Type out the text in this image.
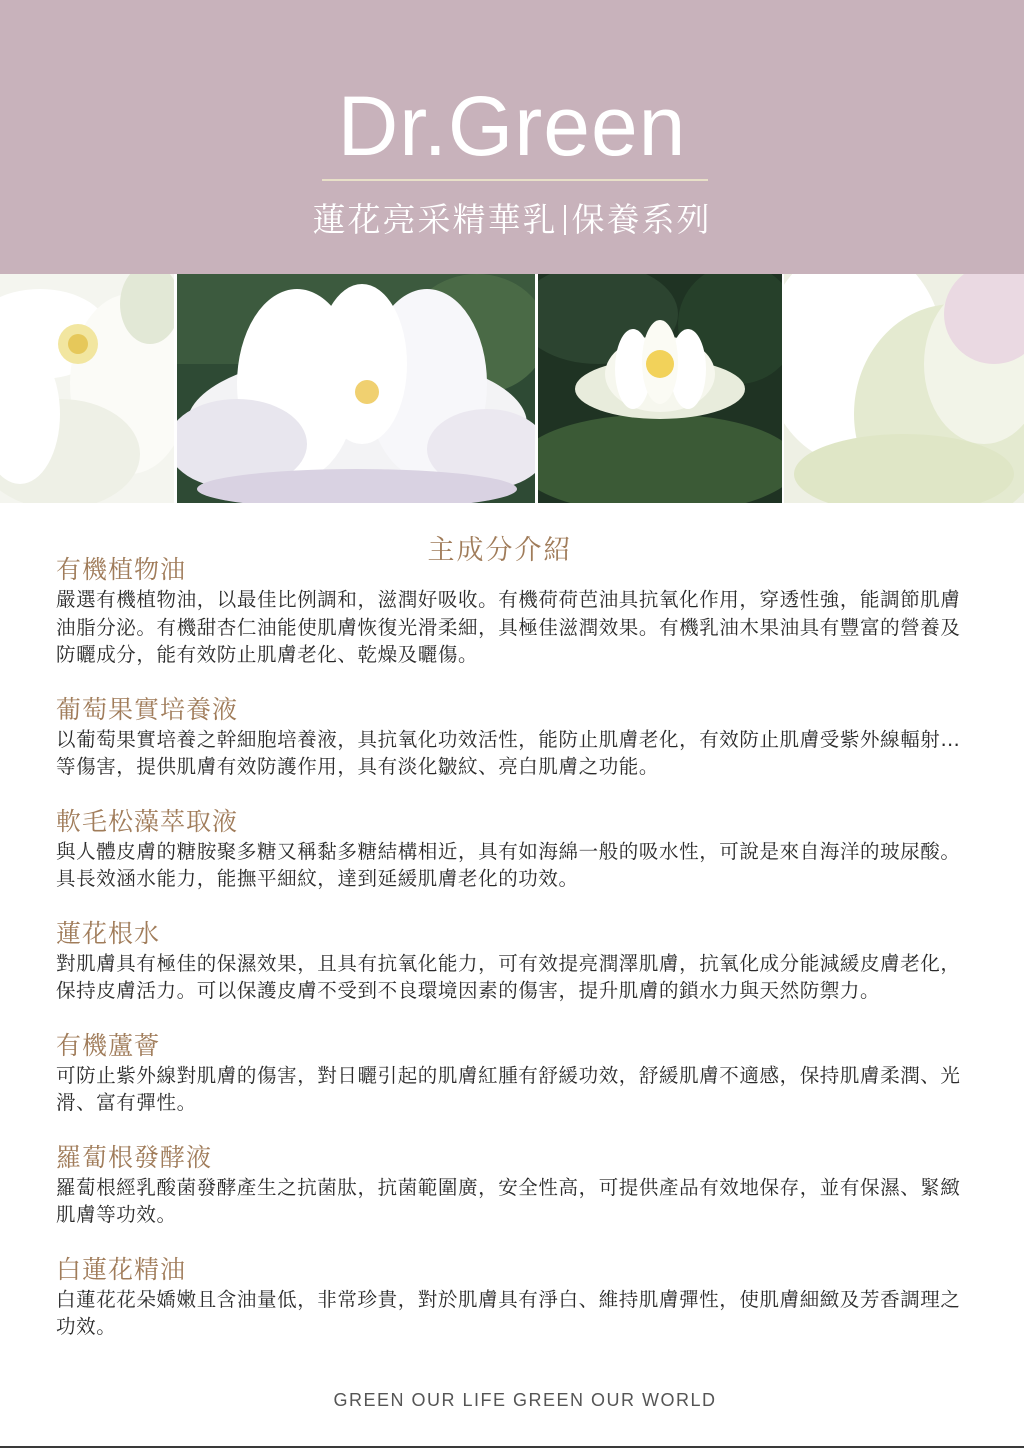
Dr.Green
蓮花亮采精華乳 保養系列
主成分介紹
有機植物油
嚴選有機植物油，以最佳比例調和，滋潤好吸收。有機荷荷芭油具抗氧化作用，穿透性強，能調節肌膚油脂分泌。有機甜杏仁油能使肌膚恢復光滑柔細，具極佳滋潤效果。有機乳油木果油具有豐富的營養及防曬成分，能有效防止肌膚老化、乾燥及曬傷。
葡萄果實培養液
以葡萄果實培養之幹細胞培養液，具抗氧化功效活性，能防止肌膚老化，有效防止肌膚受紫外線輻射…等傷害，提供肌膚有效防護作用，具有淡化皺紋、亮白肌膚之功能。
軟毛松藻萃取液
與人體皮膚的糖胺聚多糖又稱黏多糖結構相近，具有如海綿一般的吸水性，可說是來自海洋的玻尿酸。具長效涵水能力，能撫平細紋，達到延緩肌膚老化的功效。
蓮花根水
對肌膚具有極佳的保濕效果，且具有抗氧化能力，可有效提亮潤澤肌膚，抗氧化成分能減緩皮膚老化，保持皮膚活力。可以保護皮膚不受到不良環境因素的傷害，提升肌膚的鎖水力與天然防禦力。
有機蘆薈
可防止紫外線對肌膚的傷害，對日曬引起的肌膚紅腫有舒緩功效，舒緩肌膚不適感，保持肌膚柔潤、光滑、富有彈性。
羅蔔根發酵液
羅蔔根經乳酸菌發酵產生之抗菌肽，抗菌範圍廣，安全性高，可提供產品有效地保存，並有保濕、緊緻肌膚等功效。
白蓮花精油
白蓮花花朵嬌嫩且含油量低，非常珍貴，對於肌膚具有淨白、維持肌膚彈性，使肌膚細緻及芳香調理之功效。
GREEN OUR LIFE GREEN OUR WORLD
